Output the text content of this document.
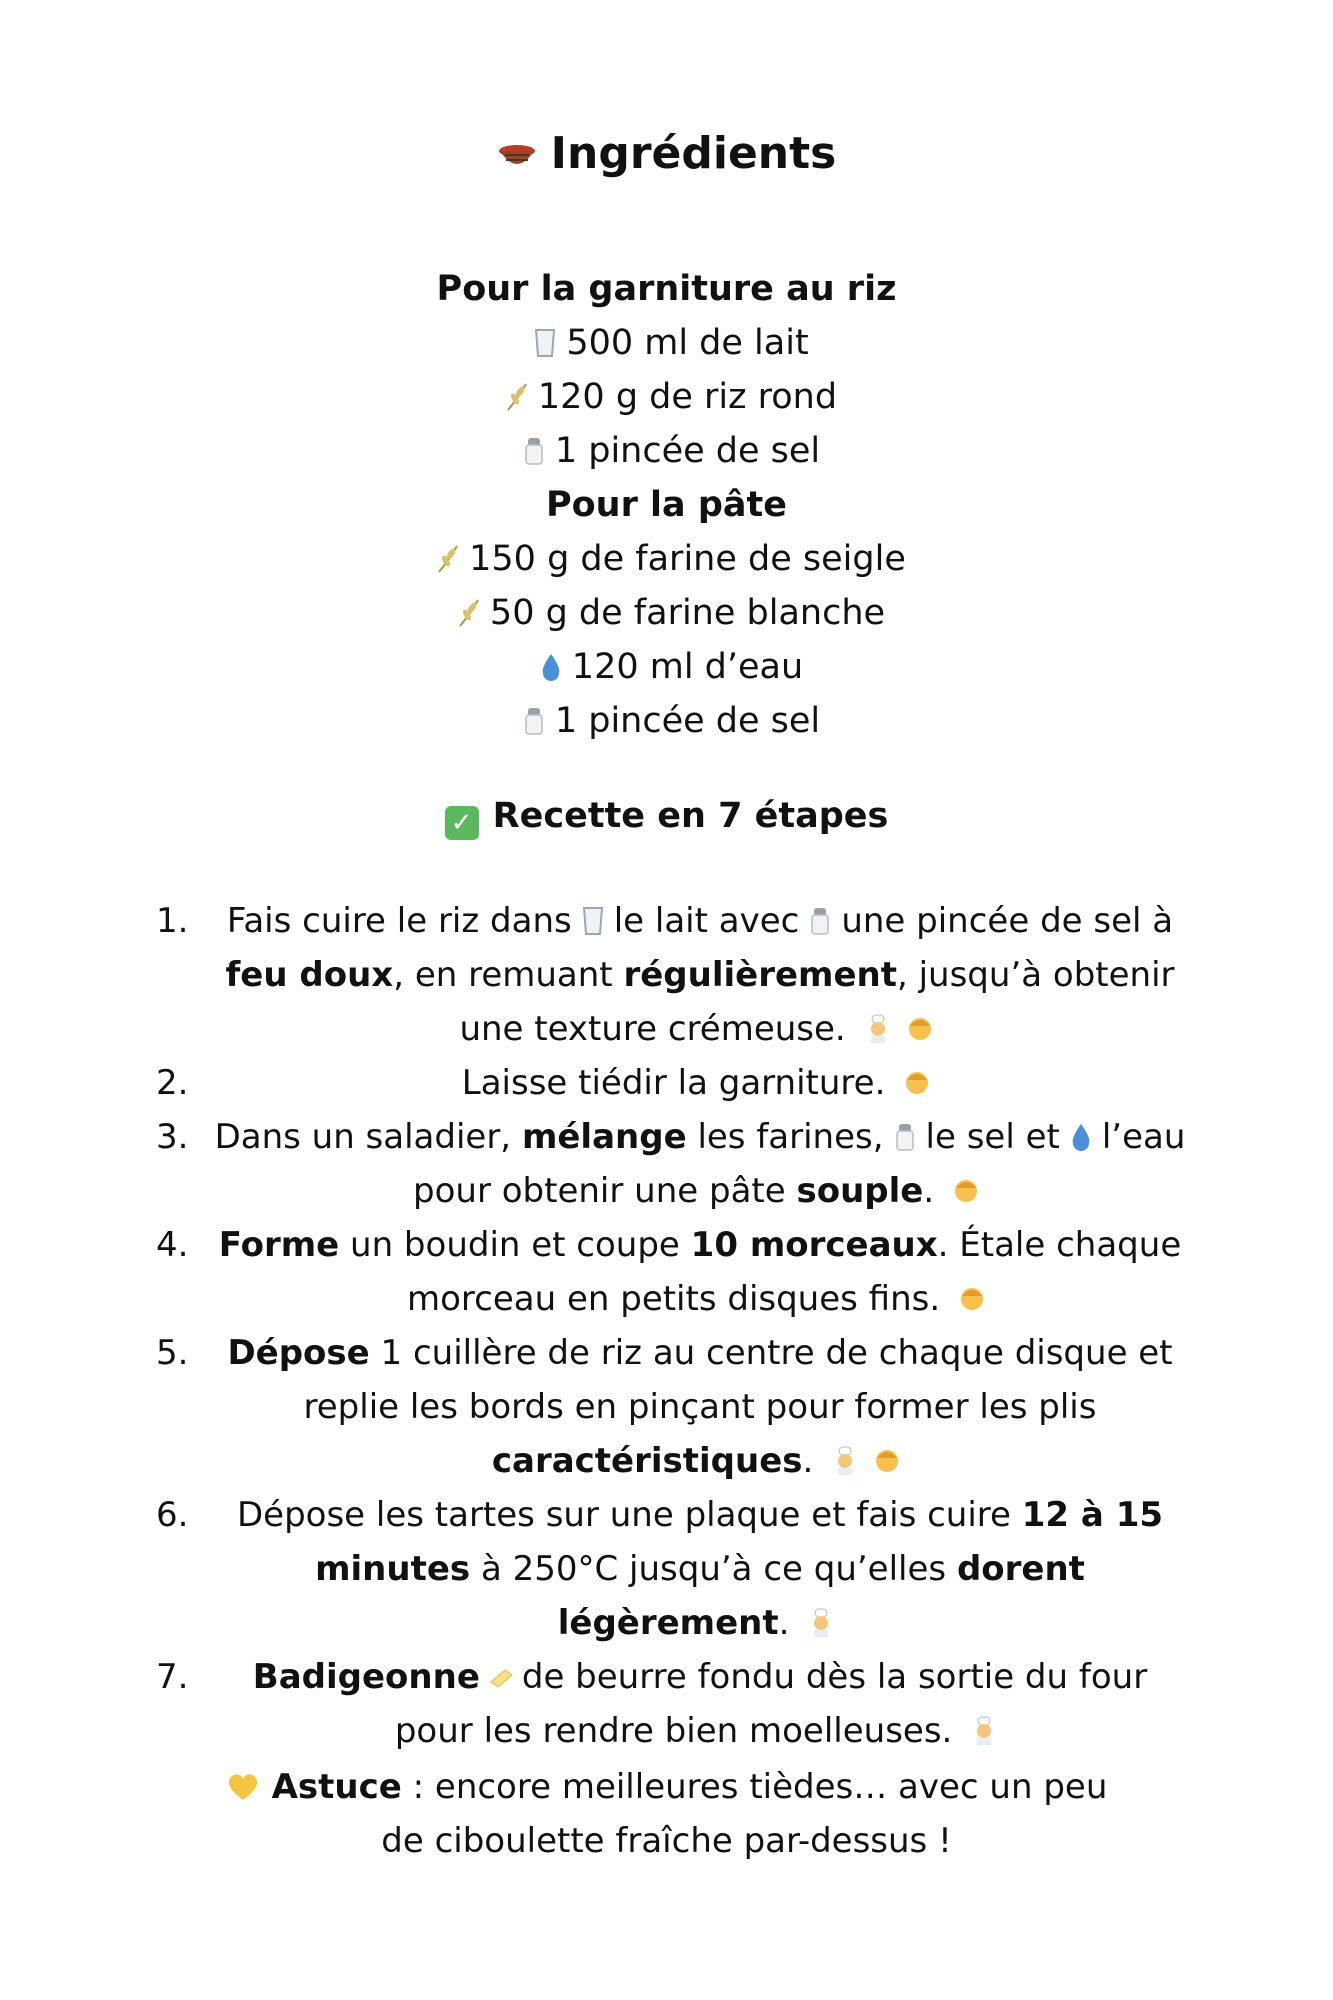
Ingrédients
Pour la garniture au riz
500 ml de lait
120 g de riz rond
1 pincée de sel
Pour la pâte
150 g de farine de seigle
50 g de farine blanche
120 ml d’eau
1 pincée de sel
✓ Recette en 7 étapes
1. Fais cuire le riz dans le lait avec une pincée de sel à feu doux, en remuant régulièrement, jusqu’à obtenir une texture crémeuse.
2.	Laisse tiédir la garniture.
3. Dans un saladier, mélange les farines, le sel et l’eau pour obtenir une pâte souple.
4. Forme un boudin et coupe 10 morceaux. Étale chaque morceau en petits disques fins.
5. Dépose 1 cuillère de riz au centre de chaque disque et replie les bords en pinçant pour former les plis caractéristiques.
6. Dépose les tartes sur une plaque et fais cuire 12 à 15 minutes à 250°C jusqu’à ce qu’elles dorent légèrement.
7. Badigeonne de beurre fondu dès la sortie du four pour les rendre bien moelleuses.
Astuce : encore meilleures tièdes… avec un peu de ciboulette fraîche par-dessus !
